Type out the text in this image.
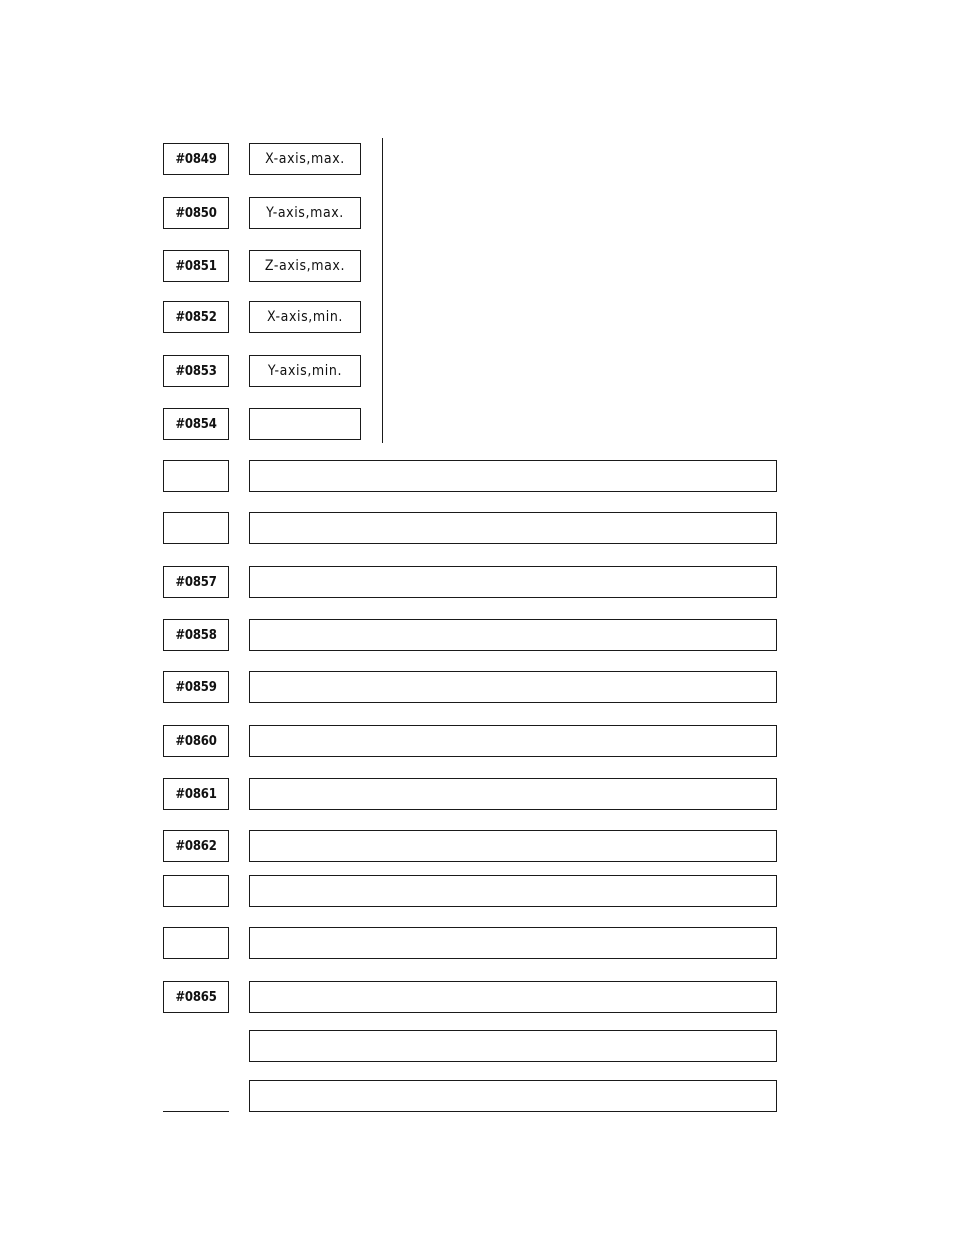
#0849	X-axis,max.
#0850	Y-axis,max.
#0851	Z-axis,max.
#0852	X-axis,min.
#0853	Y-axis,min.
#0854
#0857
#0858
#0859
#0860
#0861
#0862
#0865
